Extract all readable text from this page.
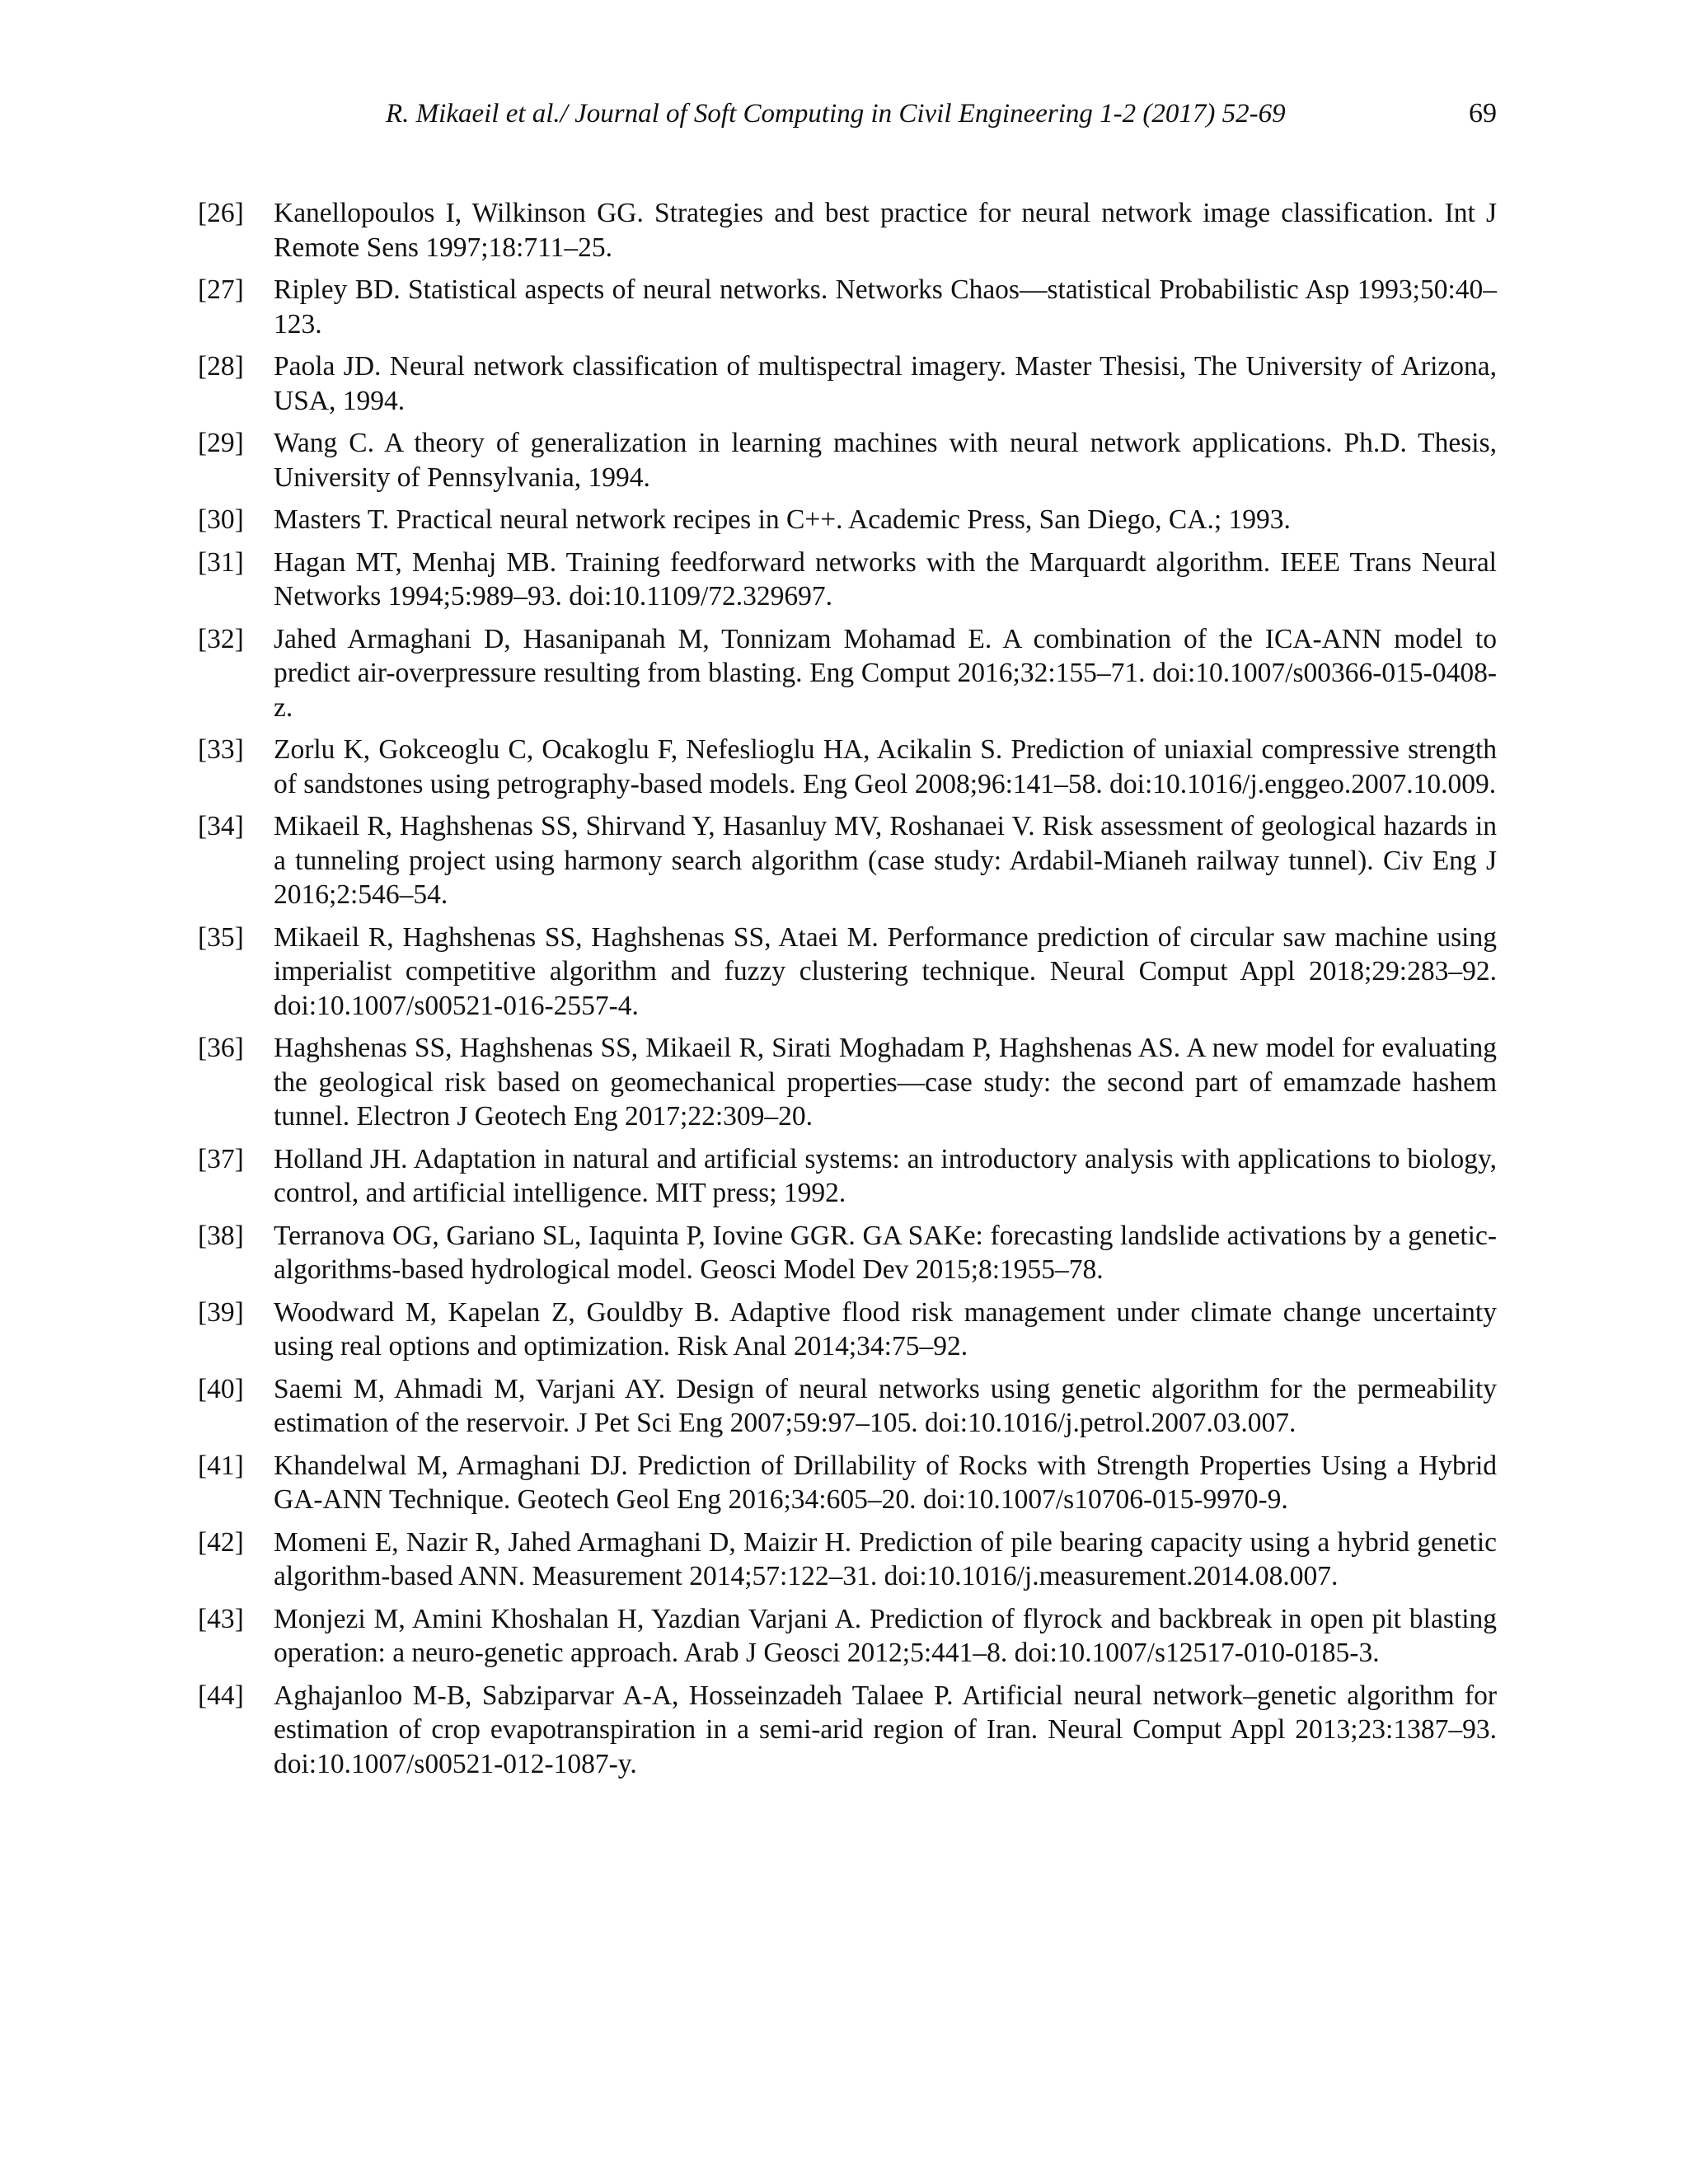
R. Mikaeil et al./ Journal of Soft Computing in Civil Engineering 1-2 (2017) 52-69	69
[26]	Kanellopoulos I, Wilkinson GG. Strategies and best practice for neural network image classification. Int J Remote Sens 1997;18:711–25.
[27]	Ripley BD. Statistical aspects of neural networks. Networks Chaos—statistical Probabilistic Asp 1993;50:40–123.
[28]	Paola JD. Neural network classification of multispectral imagery. Master Thesisi, The University of Arizona, USA, 1994.
[29]	Wang C. A theory of generalization in learning machines with neural network applications. Ph.D. Thesis, University of Pennsylvania, 1994.
[30]	Masters T. Practical neural network recipes in C++. Academic Press, San Diego, CA.; 1993.
[31]	Hagan MT, Menhaj MB. Training feedforward networks with the Marquardt algorithm. IEEE Trans Neural Networks 1994;5:989–93. doi:10.1109/72.329697.
[32]	Jahed Armaghani D, Hasanipanah M, Tonnizam Mohamad E. A combination of the ICA-ANN model to predict air-overpressure resulting from blasting. Eng Comput 2016;32:155–71. doi:10.1007/s00366-015-0408-z.
[33]	Zorlu K, Gokceoglu C, Ocakoglu F, Nefeslioglu HA, Acikalin S. Prediction of uniaxial compressive strength of sandstones using petrography-based models. Eng Geol 2008;96:141–58. doi:10.1016/j.enggeo.2007.10.009.
[34]	Mikaeil R, Haghshenas SS, Shirvand Y, Hasanluy MV, Roshanaei V. Risk assessment of geological hazards in a tunneling project using harmony search algorithm (case study: Ardabil-Mianeh railway tunnel). Civ Eng J 2016;2:546–54.
[35]	Mikaeil R, Haghshenas SS, Haghshenas SS, Ataei M. Performance prediction of circular saw machine using imperialist competitive algorithm and fuzzy clustering technique. Neural Comput Appl 2018;29:283–92. doi:10.1007/s00521-016-2557-4.
[36]	Haghshenas SS, Haghshenas SS, Mikaeil R, Sirati Moghadam P, Haghshenas AS. A new model for evaluating the geological risk based on geomechanical properties—case study: the second part of emamzade hashem tunnel. Electron J Geotech Eng 2017;22:309–20.
[37]	Holland JH. Adaptation in natural and artificial systems: an introductory analysis with applications to biology, control, and artificial intelligence. MIT press; 1992.
[38]	Terranova OG, Gariano SL, Iaquinta P, Iovine GGR. GA SAKe: forecasting landslide activations by a genetic-algorithms-based hydrological model. Geosci Model Dev 2015;8:1955–78.
[39]	Woodward M, Kapelan Z, Gouldby B. Adaptive flood risk management under climate change uncertainty using real options and optimization. Risk Anal 2014;34:75–92.
[40]	Saemi M, Ahmadi M, Varjani AY. Design of neural networks using genetic algorithm for the permeability estimation of the reservoir. J Pet Sci Eng 2007;59:97–105. doi:10.1016/j.petrol.2007.03.007.
[41]	Khandelwal M, Armaghani DJ. Prediction of Drillability of Rocks with Strength Properties Using a Hybrid GA-ANN Technique. Geotech Geol Eng 2016;34:605–20. doi:10.1007/s10706-015-9970-9.
[42]	Momeni E, Nazir R, Jahed Armaghani D, Maizir H. Prediction of pile bearing capacity using a hybrid genetic algorithm-based ANN. Measurement 2014;57:122–31. doi:10.1016/j.measurement.2014.08.007.
[43]	Monjezi M, Amini Khoshalan H, Yazdian Varjani A. Prediction of flyrock and backbreak in open pit blasting operation: a neuro-genetic approach. Arab J Geosci 2012;5:441–8. doi:10.1007/s12517-010-0185-3.
[44]	Aghajanloo M-B, Sabziparvar A-A, Hosseinzadeh Talaee P. Artificial neural network–genetic algorithm for estimation of crop evapotranspiration in a semi-arid region of Iran. Neural Comput Appl 2013;23:1387–93. doi:10.1007/s00521-012-1087-y.
